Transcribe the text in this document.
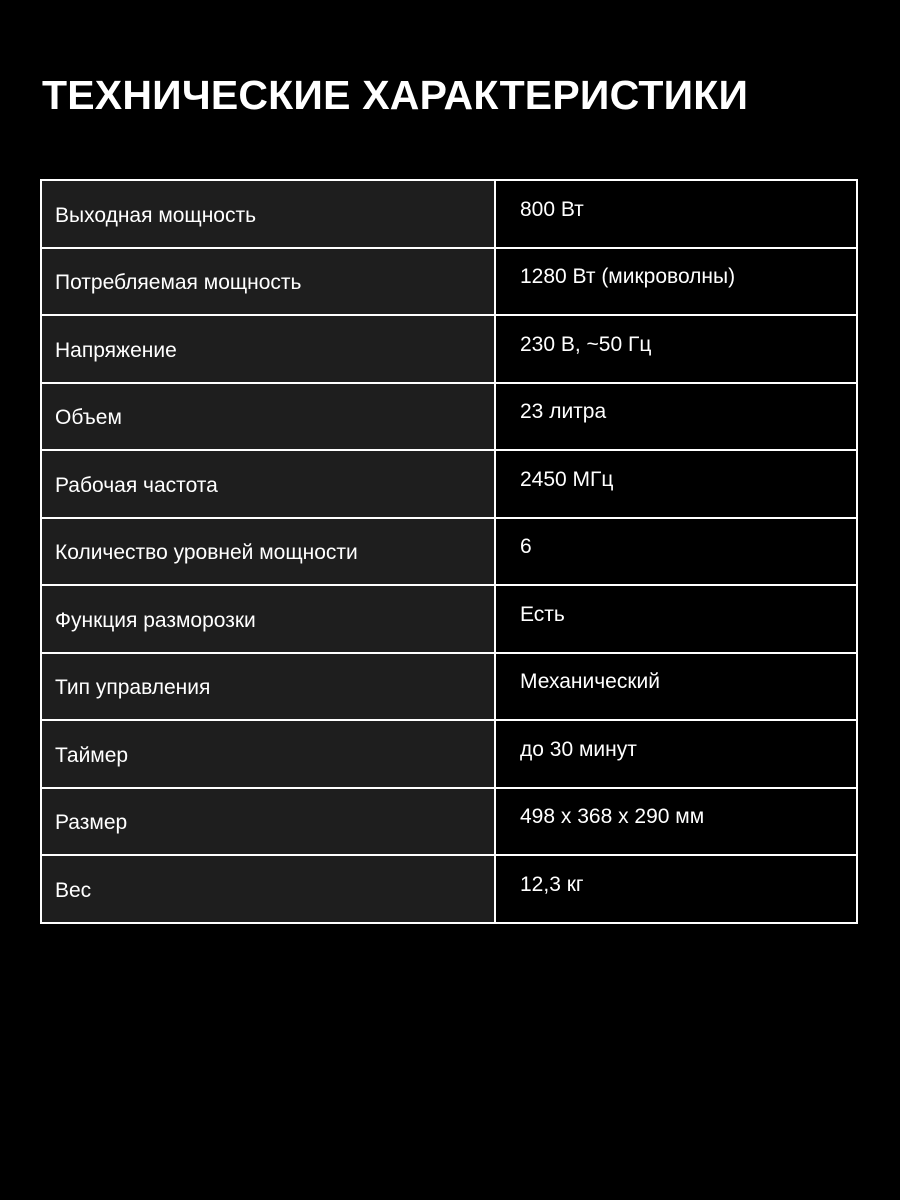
ТЕХНИЧЕСКИЕ ХАРАКТЕРИСТИКИ
Выходная мощность	800 Вт
Потребляемая мощность	1280 Вт (микроволны)
Напряжение	230 В, ~50 Гц
Объем	23 литра
Рабочая частота	2450 МГц
Количество уровней мощности	6
Функция разморозки	Есть
Тип управления	Механический
Таймер	до 30 минут
Размер	498 x 368 x 290 мм
Вес	12,3 кг
